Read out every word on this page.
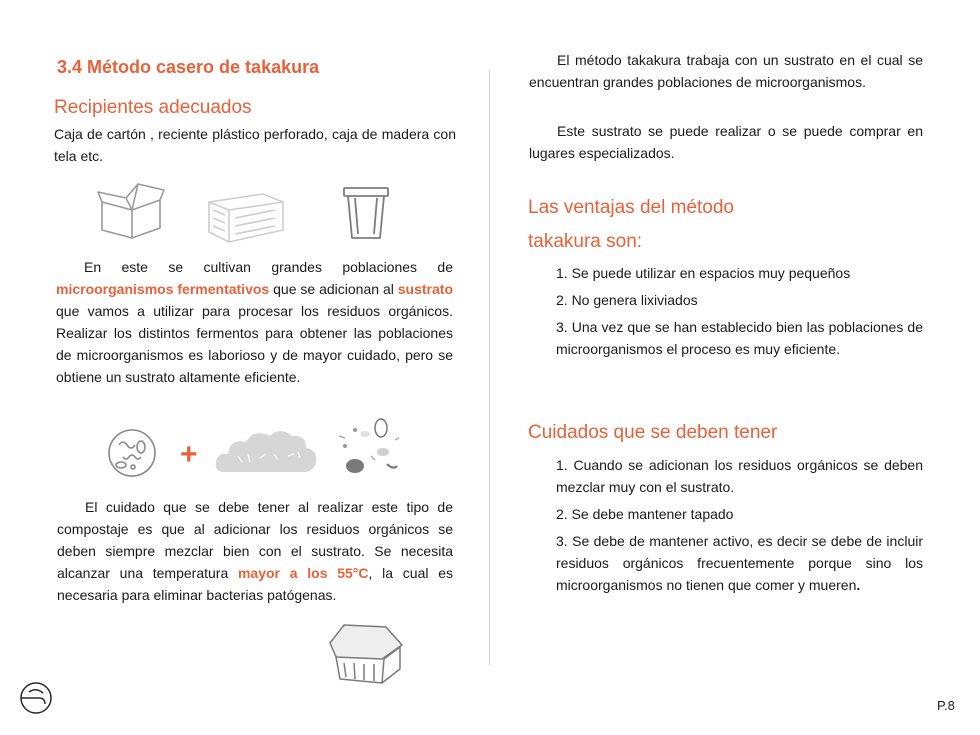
3.4 Método casero de takakura
Recipientes adecuados

Caja de cartón , reciente plástico perforado, caja de madera con tela etc.

En este se cultivan grandes poblaciones de microorganismos fermentativos que se adicionan al sustrato que vamos a utilizar para procesar los residuos orgánicos. Realizar los distintos fermentos para obtener las poblaciones de microorganismos es laborioso y de mayor cuidado, pero se obtiene un sustrato altamente eficiente.

+

El cuidado que se debe tener al realizar este tipo de compostaje es que al adicionar los residuos orgánicos se deben siempre mezclar bien con el sustrato. Se necesita alcanzar una temperatura mayor a los 55°C, la cual es necesaria para eliminar bacterias patógenas.

El método takakura trabaja con un sustrato en el cual se encuentran grandes poblaciones de microorganismos.

Este sustrato se puede realizar o se puede comprar en lugares especializados.

Las ventajas del método
takakura son:

1. Se puede utilizar en espacios muy pequeños

2. No genera lixiviados

3. Una vez que se han establecido bien las poblaciones de microorganismos el proceso es muy eficiente.

Cuidados que se deben tener

1. Cuando se adicionan los residuos orgánicos se deben mezclar muy con el sustrato.

2. Se debe mantener tapado

3. Se debe de mantener activo, es decir se debe de incluir residuos orgánicos frecuentemente porque sino los microorganismos no tienen que comer y mueren.

P.8
